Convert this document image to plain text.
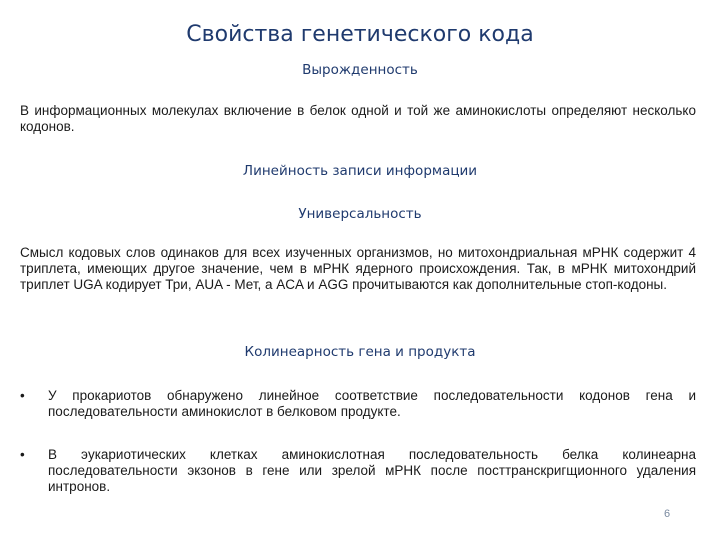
Свойства генетического кода
Вырожденность
В информационных молекулах включение в белок одной и той же аминокислоты определяют несколько кодонов.
Линейность записи информации
Универсальность
Смысл кодовых слов одинаков для всех изученных организмов, но митохондриальная мРНК содержит 4 триплета, имеющих другое значение, чем в мРНК ядерного происхождения. Так, в мРНК митохондрий триплет UGA кодирует Три, AUA - Мет, а ACA и AGG прочитываются как дополнительные стоп-кодоны.
Колинеарность гена и продукта
•	У прокариотов обнаружено линейное соответствие последовательности кодонов гена и последовательности аминокислот в белковом продукте.
•	В эукариотических клетках аминокислотная последовательность белка колинеарна последовательности экзонов в гене или зрелой мРНК после посттранскригщионного удаления интронов.
6
